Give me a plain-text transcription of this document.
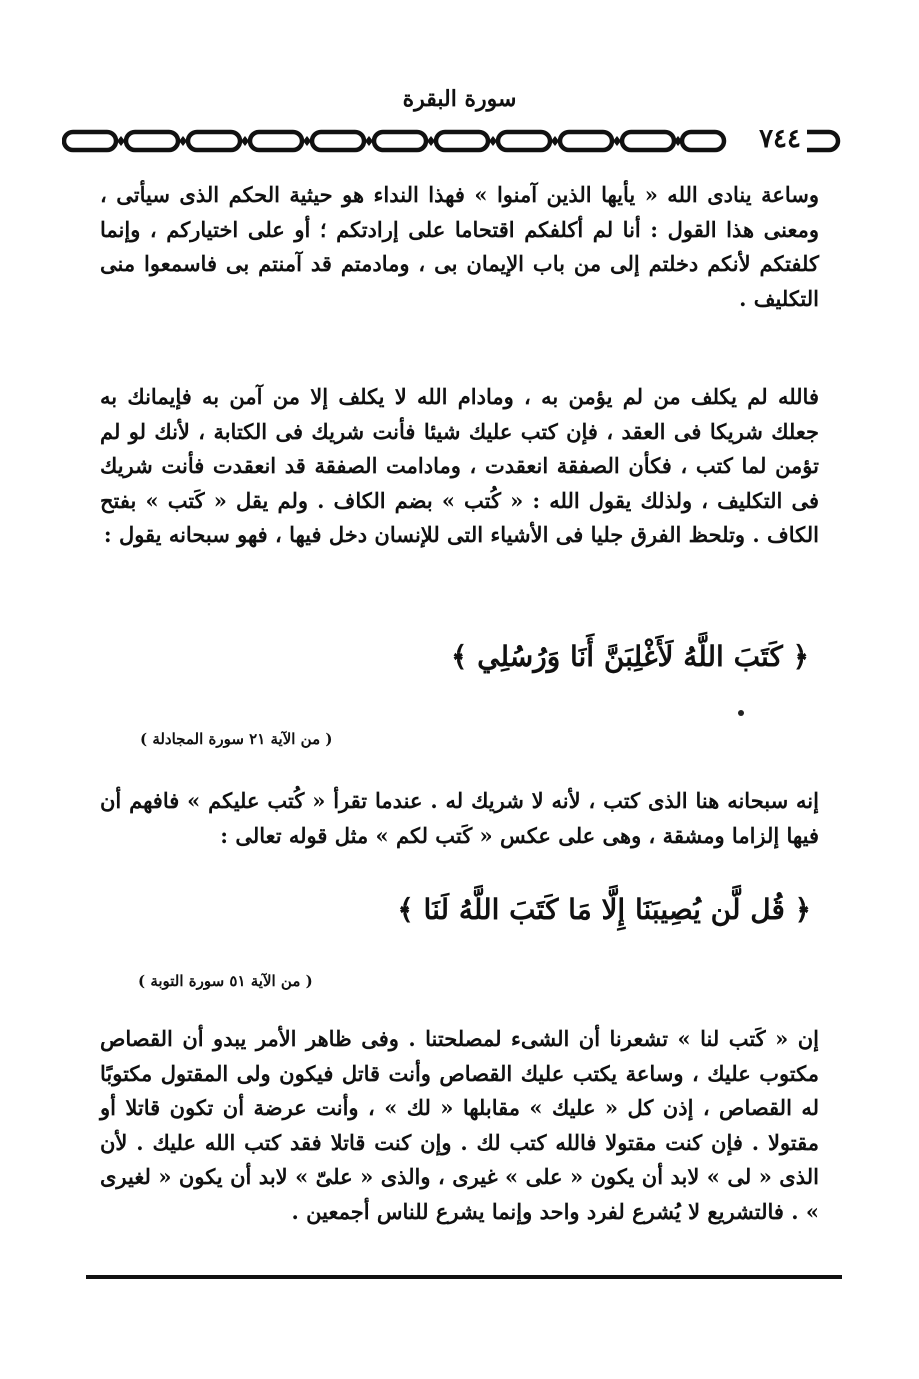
سورة البقرة
٧٤٤

وساعة ينادى الله « يأيها الذين آمنوا » فهذا النداء هو حيثية الحكم الذى سيأتى ، ومعنى هذا القول : أنا لم أكلفكم اقتحاما على إرادتكم ؛ أو على اختياركم ، وإنما كلفتكم لأنكم دخلتم إلى من باب الإيمان بى ، ومادمتم قد آمنتم بى فاسمعوا منى التكليف .

فالله لم يكلف من لم يؤمن به ، ومادام الله لا يكلف إلا من آمن به فإيمانك به جعلك شريكا فى العقد ، فإن كتب عليك شيئا فأنت شريك فى الكتابة ، لأنك لو لم تؤمن لما كتب ، فكأن الصفقة انعقدت ، ومادامت الصفقة قد انعقدت فأنت شريك فى التكليف ، ولذلك يقول الله : « كُتب » بضم الكاف . ولم يقل « كَتب » بفتح الكاف . وتلحظ الفرق جليا فى الأشياء التى للإنسان دخل فيها ، فهو سبحانه يقول :

﴿ كَتَبَ اللَّهُ لَأَغْلِبَنَّ أَنَا وَرُسُلِي ﴾
( من الآية ٢١ سورة المجادلة )

إنه سبحانه هنا الذى كتب ، لأنه لا شريك له . عندما تقرأ « كُتب عليكم » فافهم أن فيها إلزاما ومشقة ، وهى على عكس « كَتب لكم » مثل قوله تعالى :

﴿ قُل لَّن يُصِيبَنَا إِلَّا مَا كَتَبَ اللَّهُ لَنَا ﴾
( من الآية ٥١ سورة التوبة )

إن « كَتب لنا » تشعرنا أن الشىء لمصلحتنا . وفى ظاهر الأمر يبدو أن القصاص مكتوب عليك ، وساعة يكتب عليك القصاص وأنت قاتل فيكون ولى المقتول مكتوبًا له القصاص ، إذن كل « عليك » مقابلها « لك » ، وأنت عرضة أن تكون قاتلا أو مقتولا . فإن كنت مقتولا فالله كتب لك . وإن كنت قاتلا فقد كتب الله عليك . لأن الذى « لى » لابد أن يكون « على » غيرى ، والذى « علىّ » لابد أن يكون « لغيرى » . فالتشريع لا يُشرع لفرد واحد وإنما يشرع للناس أجمعين .
